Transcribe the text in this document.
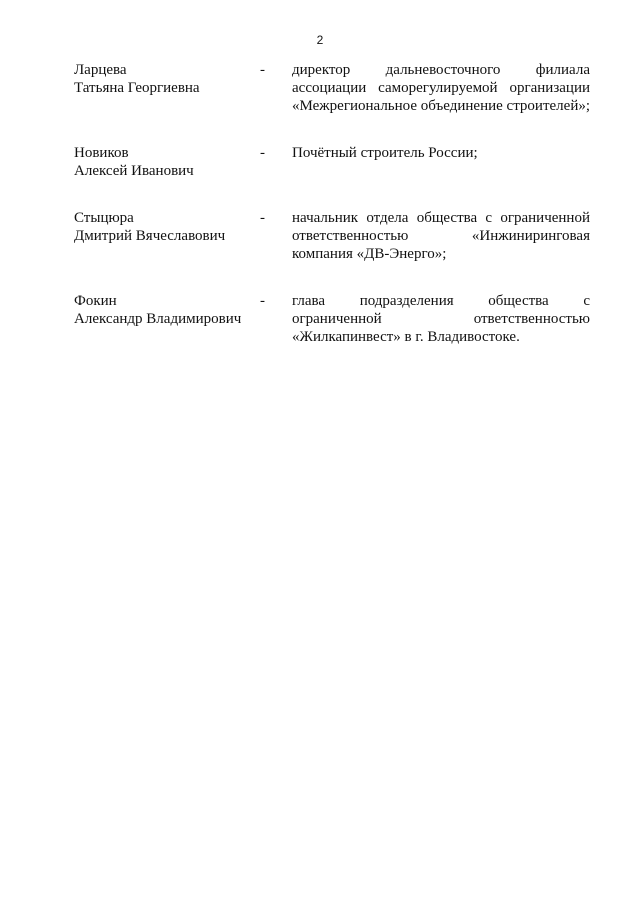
2
Ларцева
Татьяна Георгиевна
- директор дальневосточного филиала
ассоциации саморегулируемой организации
«Межрегиональное объединение строителей»;
Новиков
Алексей Иванович
- Почётный строитель России;
Стыцюра
Дмитрий Вячеславович
- начальник отдела общества с ограниченной
ответственностью «Инжиниринговая
компания «ДВ-Энерго»;
Фокин
Александр Владимирович
- глава подразделения общества с
ограниченной ответственностью
«Жилкапинвест» в г. Владивостоке.
